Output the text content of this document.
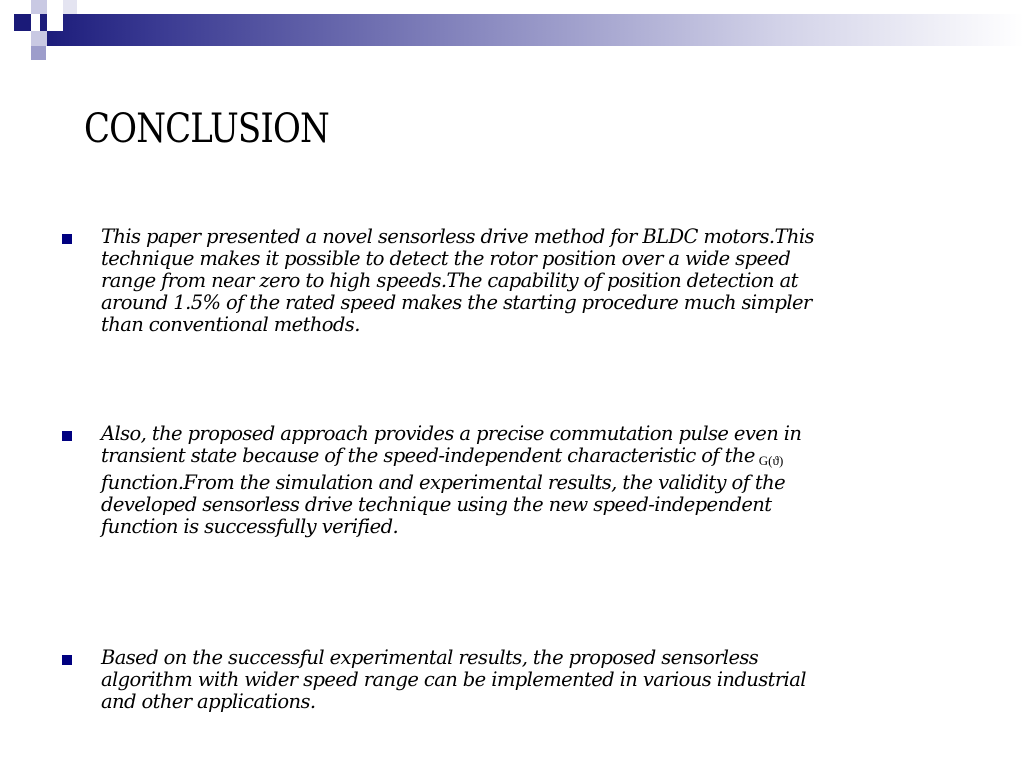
CONCLUSION

This paper presented a novel sensorless drive method for BLDC motors.This
technique makes it possible to detect the rotor position over a wide speed
range from near zero to high speeds.The capability of position detection at
around 1.5% of the rated speed makes the starting procedure much simpler
than conventional methods.

Also, the proposed approach provides a precise commutation pulse even in
transient state because of the speed-independent characteristic of the G(ϑ)
function.From the simulation and experimental results, the validity of the
developed sensorless drive technique using the new speed-independent
function is successfully verified.

Based on the successful experimental results, the proposed sensorless
algorithm with wider speed range can be implemented in various industrial
and other applications.
